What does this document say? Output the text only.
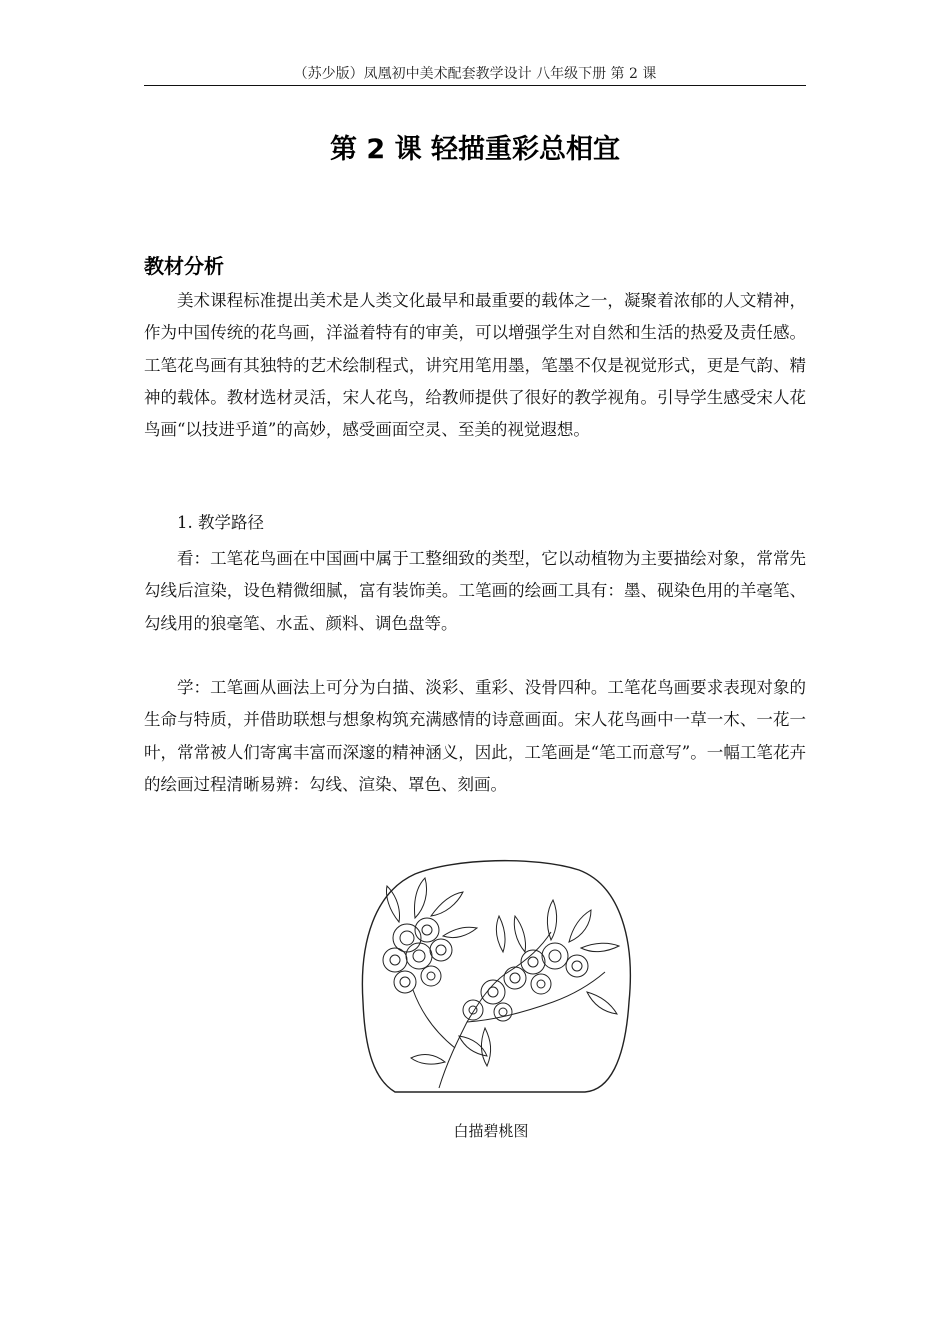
（苏少版）凤凰初中美术配套教学设计 八年级下册 第 2 课
第 2 课 轻描重彩总相宜
教材分析

美术课程标准提出美术是人类文化最早和最重要的载体之一，凝聚着浓郁的人文精神，作为中国传统的花鸟画，洋溢着特有的审美，可以增强学生对自然和生活的热爱及责任感。工笔花鸟画有其独特的艺术绘制程式，讲究用笔用墨，笔墨不仅是视觉形式，更是气韵、精神的载体。教材选材灵活，宋人花鸟，给教师提供了很好的教学视角。引导学生感受宋人花鸟画“以技进乎道”的高妙，感受画面空灵、至美的视觉遐想。

1. 教学路径

看：工笔花鸟画在中国画中属于工整细致的类型，它以动植物为主要描绘对象，常常先勾线后渲染，设色精微细腻，富有装饰美。工笔画的绘画工具有：墨、砚染色用的羊毫笔、勾线用的狼毫笔、水盂、颜料、调色盘等。

学：工笔画从画法上可分为白描、淡彩、重彩、没骨四种。工笔花鸟画要求表现对象的生命与特质，并借助联想与想象构筑充满感情的诗意画面。宋人花鸟画中一草一木、一花一叶，常常被人们寄寓丰富而深邃的精神涵义，因此，工笔画是“笔工而意写”。一幅工笔花卉的绘画过程清晰易辨：勾线、渲染、罩色、刻画。

白描碧桃图
